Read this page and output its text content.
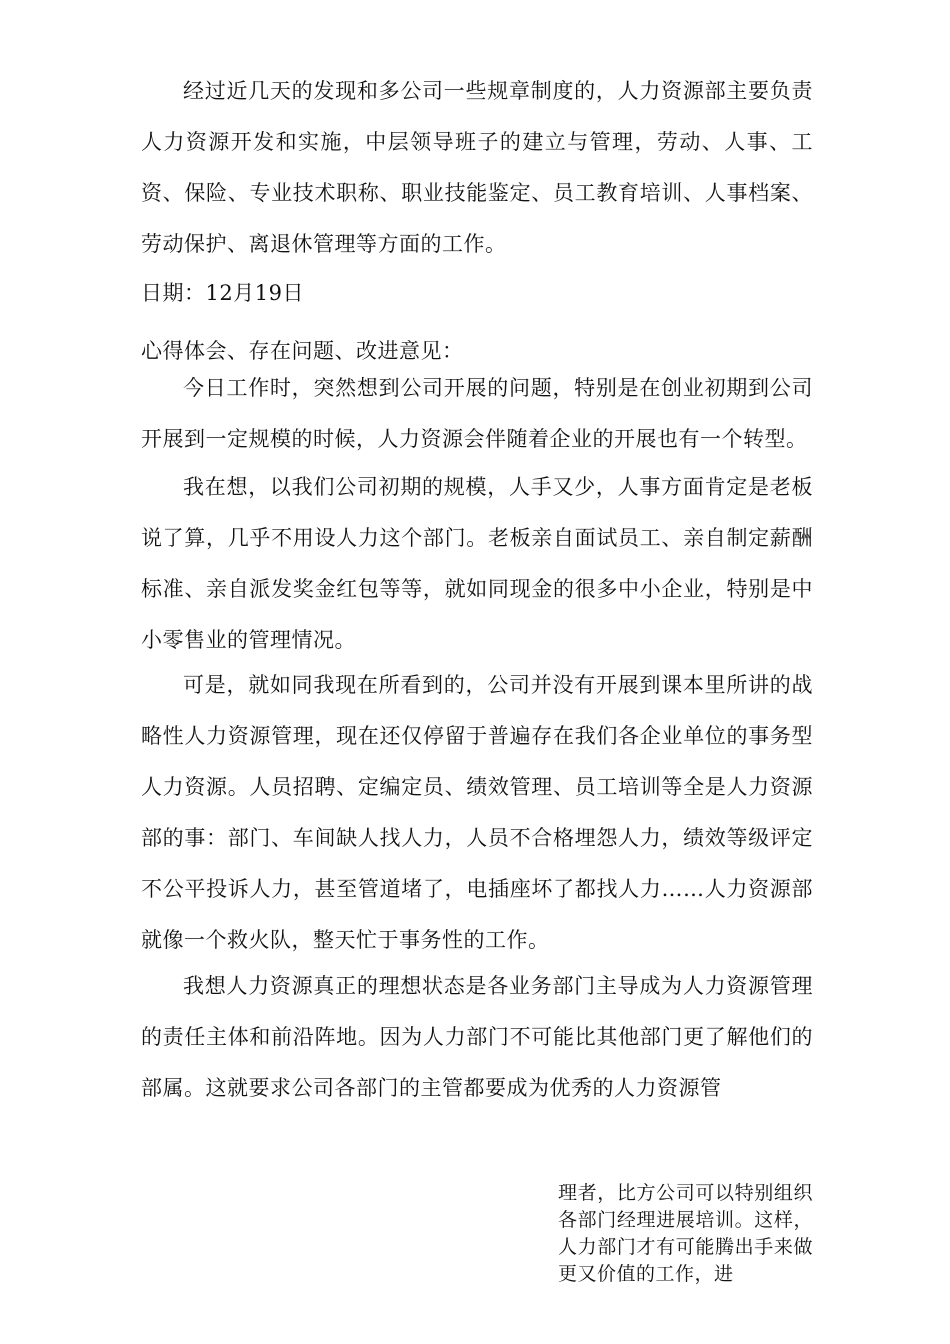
经过近几天的发现和多公司一些规章制度的，人力资源部主要负责人力资源开发和实施，中层领导班子的建立与管理，劳动、人事、工资、保险、专业技术职称、职业技能鉴定、员工教育培训、人事档案、劳动保护、离退休管理等方面的工作。

日期：12月19日

心得体会、存在问题、改进意见：

今日工作时，突然想到公司开展的问题，特别是在创业初期到公司开展到一定规模的时候，人力资源会伴随着企业的开展也有一个转型。

我在想，以我们公司初期的规模，人手又少，人事方面肯定是老板说了算，几乎不用设人力这个部门。老板亲自面试员工、亲自制定薪酬标准、亲自派发奖金红包等等，就如同现金的很多中小企业，特别是中小零售业的管理情况。

可是，就如同我现在所看到的，公司并没有开展到课本里所讲的战略性人力资源管理，现在还仅停留于普遍存在我们各企业单位的事务型人力资源。人员招聘、定编定员、绩效管理、员工培训等全是人力资源部的事：部门、车间缺人找人力，人员不合格埋怨人力，绩效等级评定不公平投诉人力，甚至管道堵了，电插座坏了都找人力……人力资源部就像一个救火队，整天忙于事务性的工作。

我想人力资源真正的理想状态是各业务部门主导成为人力资源管理的责任主体和前沿阵地。因为人力部门不可能比其他部门更了解他们的部属。这就要求公司各部门的主管都要成为优秀的人力资源管

理者，比方公司可以特别组织各部门经理进展培训。这样，人力部门才有可能腾出手来做更又价值的工作，进
